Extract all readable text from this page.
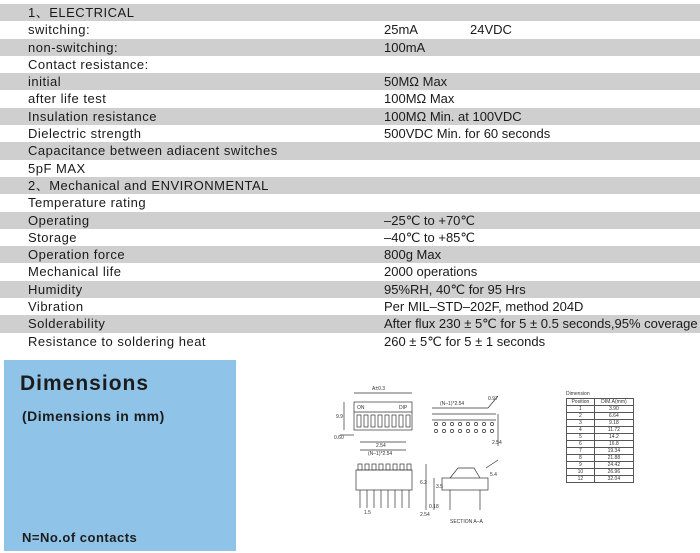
1、ELECTRICAL
switching:	25mA	24VDC
non-switching:	100mA
Contact resistance:
initial	50MΩ Max
after life test	100MΩ Max
Insulation resistance	100MΩ Min. at 100VDC
Dielectric strength	500VDC Min. for 60 seconds
Capacitance between adiacent switches
5pF MAX
2、Mechanical and ENVIRONMENTAL
Temperature rating
Operating	–25℃ to +70℃
Storage	–40℃ to +85℃
Operation force	800g Max
Mechanical life	2000 operations
Humidity	95%RH, 40℃ for 95 Hrs
Vibration	Per MIL–STD–202F, method 204D
Solderability	After flux 230 ± 5℃ for 5 ± 0.5 seconds,95% coverage
Resistance to soldering heat	260 ± 5℃ for 5 ± 1 seconds
Dimensions
(Dimensions in mm)
N=No.of contacts
A±0.3
ON	DIP
9.9
0.60
2.54
(N–1)*2.54
(N–1)*2.54
0.97
2.54
5.4
6.2
3.5
0.18
1.5	2.54
SECTION A–A
Dimension
Position	DIM.A(mm)
1	3.90
2	6.64
3	9.18
4	11.72
5	14.2
6	16.8
7	19.34
8	21.88
9	24.42
10	26.96
12	32.04
